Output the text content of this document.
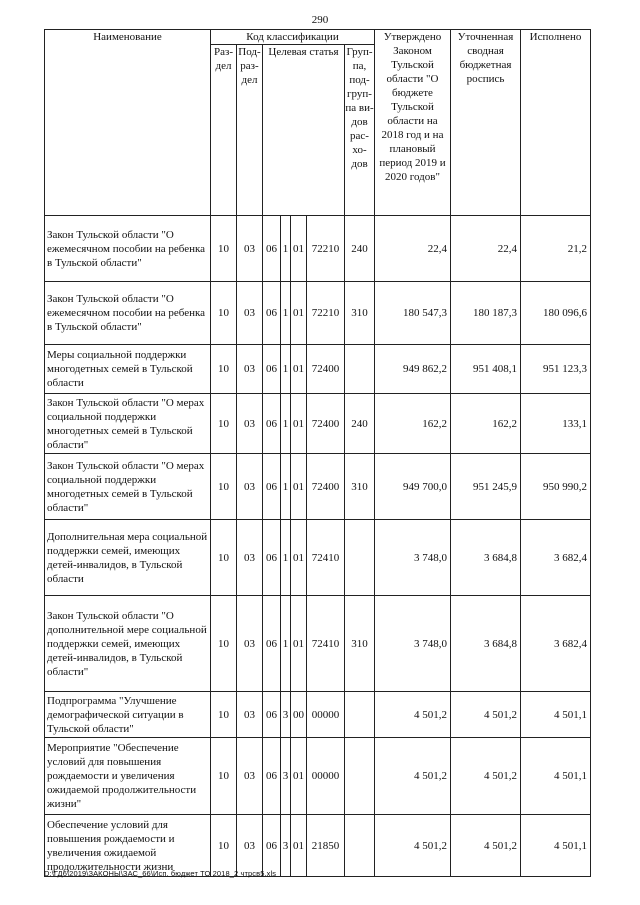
290
Наименование	Код классификации							Утверждено Законом Тульской области "О бюджете Тульской области на 2018 год и на плановый период 2019 и 2020 годов"	Уточненная сводная бюджетная роспись	Исполнено
	Раз-дел	Под-раз-дел	Целевая статья				Груп-па, под-груп-па ви-дов рас-хо-дов			
Закон Тульской области "О ежемесячном пособии на ребенка в Тульской области"	10	03	06	1	01	72210	240	22,4	22,4	21,2
Закон Тульской области "О ежемесячном пособии на ребенка в Тульской области"	10	03	06	1	01	72210	310	180 547,3	180 187,3	180 096,6
Меры социальной поддержки многодетных семей в Тульской области	10	03	06	1	01	72400		949 862,2	951 408,1	951 123,3
Закон Тульской области "О мерах социальной поддержки многодетных семей в Тульской области"	10	03	06	1	01	72400	240	162,2	162,2	133,1
Закон Тульской области "О мерах социальной поддержки многодетных семей в Тульской области"	10	03	06	1	01	72400	310	949 700,0	951 245,9	950 990,2
Дополнительная мера социальной поддержки семей, имеющих детей-инвалидов, в Тульской области	10	03	06	1	01	72410		3 748,0	3 684,8	3 682,4
Закон Тульской области "О дополнительной мере социальной поддержки семей, имеющих детей-инвалидов, в Тульской области"	10	03	06	1	01	72410	310	3 748,0	3 684,8	3 682,4
Подпрограмма "Улучшение демографической ситуации в Тульской области"	10	03	06	3	00	00000		4 501,2	4 501,2	4 501,1
Мероприятие "Обеспечение условий для повышения рождаемости и увеличения ожидаемой продолжительности жизни"	10	03	06	3	01	00000		4 501,2	4 501,2	4 501,1
Обеспечение условий для повышения рождаемости и увеличения ожидаемой продолжительности жизни	10	03	06	3	01	21850		4 501,2	4 501,2	4 501,1
D:\ГД6\2019\ЗАКОНЫ\ЗАС_66\Исп. бюджет ТО 2018_2 чтрсв5.xls
